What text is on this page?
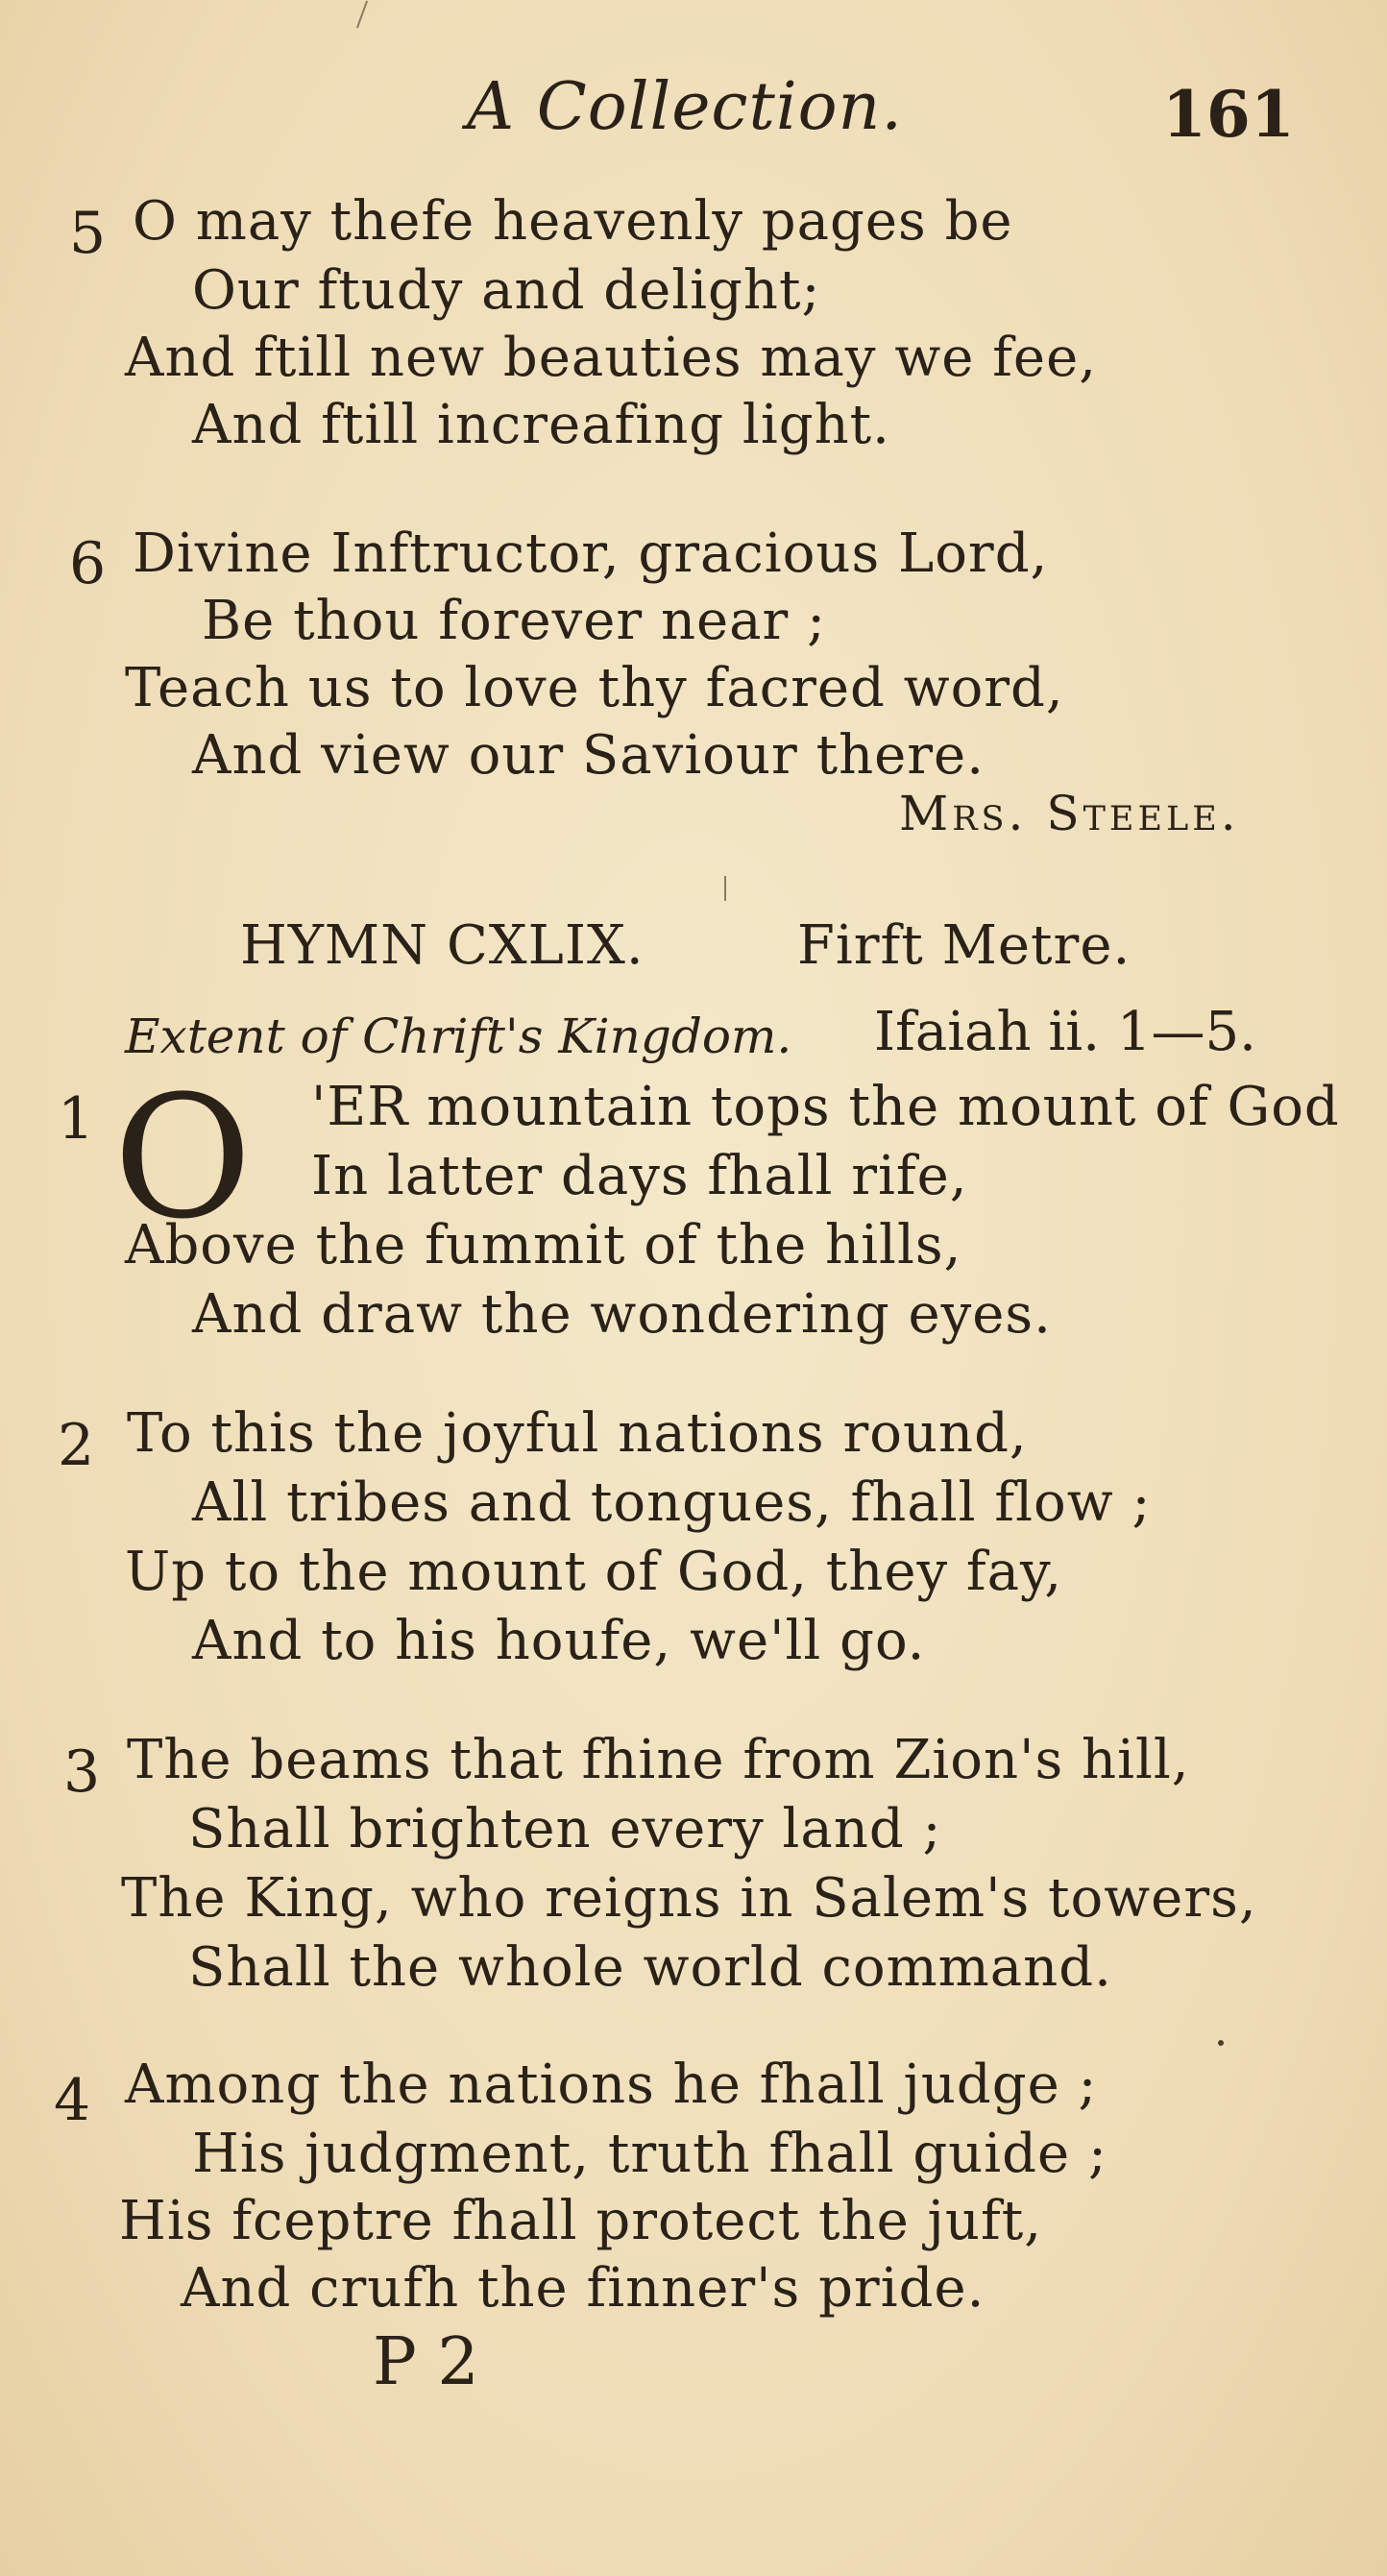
A Collection.	161
5 O may thefe heavenly pages be
Our ftudy and delight;
And ftill new beauties may we fee,
And ftill increafing light.
6 Divine Inftructor, gracious Lord,
Be thou forever near ;
Teach us to love thy facred word,
And view our Saviour there.
Mrs. Steele.
HYMN CXLIX.	Firft Metre.
Extent of Chrift's Kingdom. Ifaiah ii. 1—5.
1 O 'ER mountain tops the mount of God
In latter days fhall rife,
Above the fummit of the hills,
And draw the wondering eyes.
2 To this the joyful nations round,
All tribes and tongues, fhall flow ;
Up to the mount of God, they fay,
And to his houfe, we'll go.
3 The beams that fhine from Zion's hill,
Shall brighten every land ;
The King, who reigns in Salem's towers,
Shall the whole world command.
4 Among the nations he fhall judge ;
His judgment, truth fhall guide ;
His fceptre fhall protect the juft,
And crufh the finner's pride.
P 2
